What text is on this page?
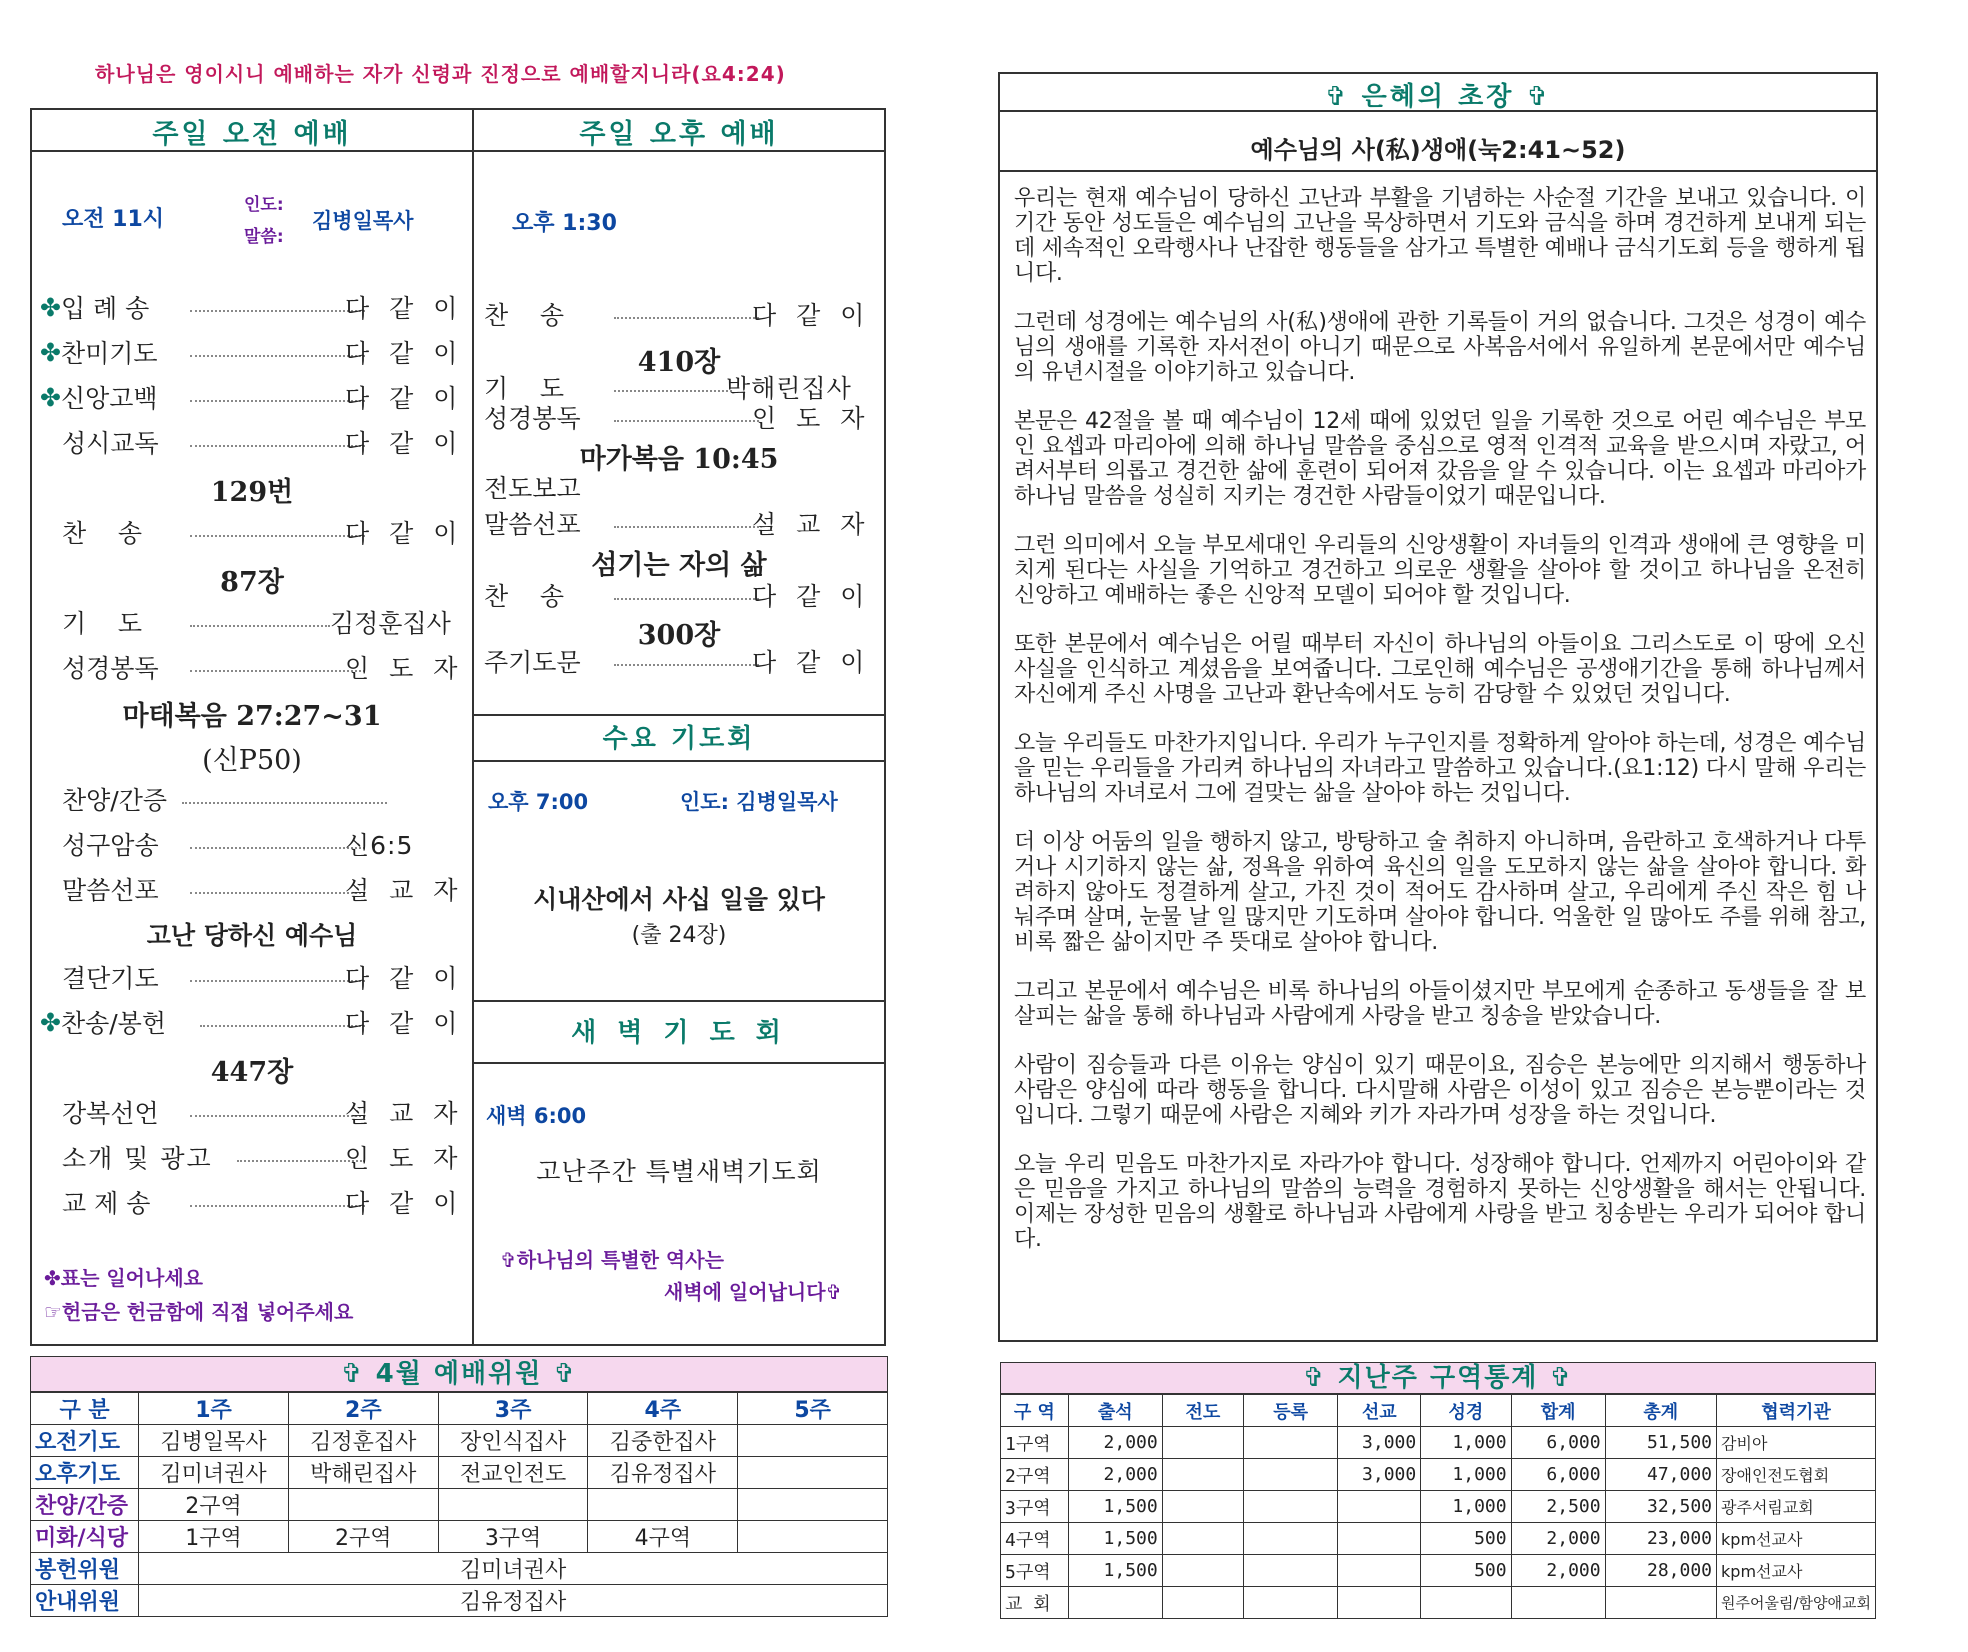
하나님은 영이시니 예배하는 자가 신령과 진정으로 예배할지니라(요4:24)
주일 오전 예배	주일 오후 예배
오전 11시
인도:
말씀:
김병일목사
✤ 입 례 송	다 같 이
✤ 찬미기도	다 같 이
✤ 신앙고백	다 같 이
성시교독	다 같 이
129번
찬    송	다 같 이
87장
기    도	김정훈집사
성경봉독	인 도 자
마태복음 27:27~31
(신P50)
찬양/간증
성구암송	신6:5
말씀선포	설 교 자
고난 당하신 예수님
결단기도	다 같 이
✤ 찬송/봉헌	다 같 이
447장
강복선언	설 교 자
소개 및 광고	인 도 자
교 제 송	다 같 이
✤표는 일어나세요
☞헌금은 헌금함에 직접 넣어주세요
오후 1:30
찬    송	다 같 이
410장
기    도	박해린집사
성경봉독	인 도 자
마가복음 10:45
전도보고
말씀선포	설 교 자
섬기는 자의 삶
찬    송	다 같 이
300장
주기도문	다 같 이
수요 기도회
오후 7:00	인도: 김병일목사
시내산에서 사십 일을 있다
(출 24장)
새 벽 기 도 회
새벽 6:00
고난주간 특별새벽기도회
✞하나님의 특별한 역사는
새벽에 일어납니다✞
✞ 은혜의 초장 ✞
예수님의 사(私)생애(눅2:41~52)

우리는 현재 예수님이 당하신 고난과 부활을 기념하는 사순절 기간을 보내고 있습니다. 이 기간 동안 성도들은 예수님의 고난을 묵상하면서 기도와 금식을 하며 경건하게 보내게 되는데 세속적인 오락행사나 난잡한 행동들을 삼가고 특별한 예배나 금식기도회 등을 행하게 됩니다.

그런데 성경에는 예수님의 사(私)생애에 관한 기록들이 거의 없습니다. 그것은 성경이 예수님의 생애를 기록한 자서전이 아니기 때문으로 사복음서에서 유일하게 본문에서만 예수님의 유년시절을 이야기하고 있습니다.

본문은 42절을 볼 때 예수님이 12세 때에 있었던 일을 기록한 것으로 어린 예수님은 부모인 요셉과 마리아에 의해 하나님 말씀을 중심으로 영적 인격적 교육을 받으시며 자랐고, 어려서부터 의롭고 경건한 삶에 훈련이 되어져 갔음을 알 수 있습니다. 이는 요셉과 마리아가 하나님 말씀을 성실히 지키는 경건한 사람들이었기 때문입니다.

그런 의미에서 오늘 부모세대인 우리들의 신앙생활이 자녀들의 인격과 생애에 큰 영향을 미치게 된다는 사실을 기억하고 경건하고 의로운 생활을 살아야 할 것이고 하나님을 온전히 신앙하고 예배하는 좋은 신앙적 모델이 되어야 할 것입니다.

또한 본문에서 예수님은 어릴 때부터 자신이 하나님의 아들이요 그리스도로 이 땅에 오신 사실을 인식하고 계셨음을 보여줍니다. 그로인해 예수님은 공생애기간을 통해 하나님께서 자신에게 주신 사명을 고난과 환난속에서도 능히 감당할 수 있었던 것입니다.

오늘 우리들도 마찬가지입니다. 우리가 누구인지를 정확하게 알아야 하는데, 성경은 예수님을 믿는 우리들을 가리켜 하나님의 자녀라고 말씀하고 있습니다.(요1:12) 다시 말해 우리는 하나님의 자녀로서 그에 걸맞는 삶을 살아야 하는 것입니다.

더 이상 어둠의 일을 행하지 않고, 방탕하고 술 취하지 아니하며, 음란하고 호색하거나 다투거나 시기하지 않는 삶, 정욕을 위하여 육신의 일을 도모하지 않는 삶을 살아야 합니다. 화려하지 않아도 정결하게 살고, 가진 것이 적어도 감사하며 살고, 우리에게 주신 작은 힘 나눠주며 살며, 눈물 날 일 많지만 기도하며 살아야 합니다. 억울한 일 많아도 주를 위해 참고, 비록 짧은 삶이지만 주 뜻대로 살아야 합니다.

그리고 본문에서 예수님은 비록 하나님의 아들이셨지만 부모에게 순종하고 동생들을 잘 보살피는 삶을 통해 하나님과 사람에게 사랑을 받고 칭송을 받았습니다.

사람이 짐승들과 다른 이유는 양심이 있기 때문이요, 짐승은 본능에만 의지해서 행동하나 사람은 양심에 따라 행동을 합니다. 다시말해 사람은 이성이 있고 짐승은 본능뿐이라는 것입니다. 그렇기 때문에 사람은 지혜와 키가 자라가며 성장을 하는 것입니다.

오늘 우리 믿음도 마찬가지로 자라가야 합니다. 성장해야 합니다. 언제까지 어린아이와 같은 믿음을 가지고 하나님의 말씀의 능력을 경험하지 못하는 신앙생활을 해서는 안됩니다. 이제는 장성한 믿음의 생활로 하나님과 사람에게 사랑을 받고 칭송받는 우리가 되어야 합니다.

✞ 4월 예배위원 ✞
구 분	1주	2주	3주	4주	5주
오전기도	김병일목사	김정훈집사	장인식집사	김중한집사	
오후기도	김미녀권사	박해린집사	전교인전도	김유정집사	
찬양/간증	2구역				
미화/식당	1구역	2구역	3구역	4구역	
봉헌위원	김미녀권사				
안내위원	김유정집사				
✞ 지난주 구역통계 ✞
구 역	출석	전도	등록	선교	성경	합계	총계	협력기관
1구역	2,000			3,000	1,000	6,000	51,500	감비아
2구역	2,000			3,000	1,000	6,000	47,000	장애인전도협회
3구역	1,500				1,000	2,500	32,500	광주서림교회
4구역	1,500				500	2,000	23,000	kpm선교사
5구역	1,500				500	2,000	28,000	kpm선교사
교 회								원주어울림/함양애교회
